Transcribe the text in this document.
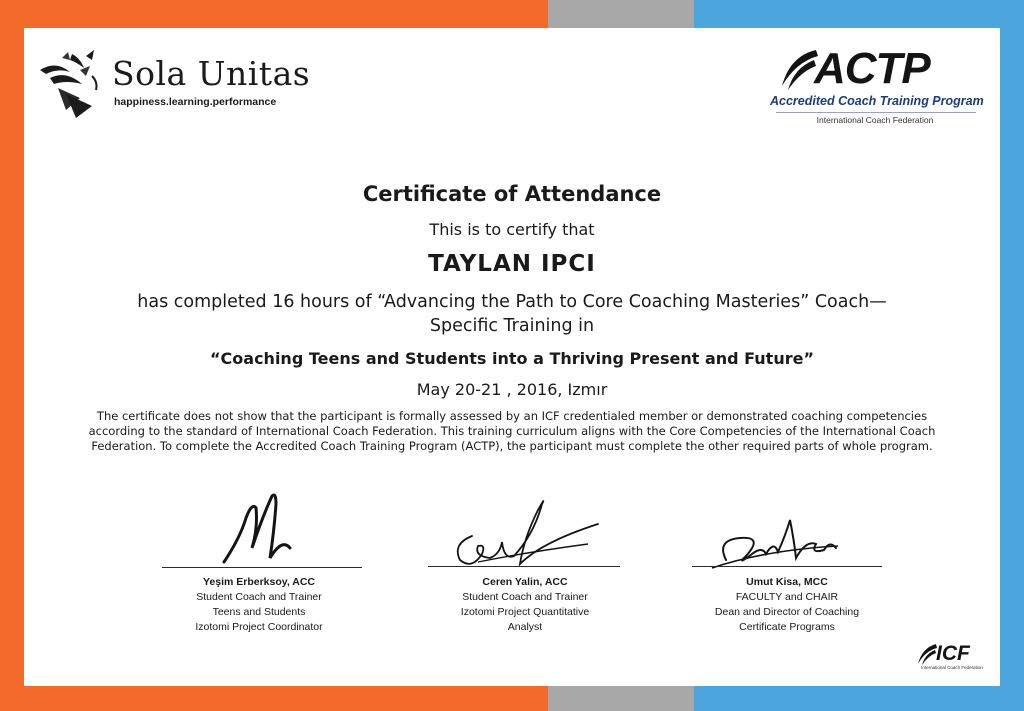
Sola Unitas
happiness.learning.performance
ACTP
Accredited Coach Training Program
International Coach Federation
Certificate of Attendance
This is to certify that
TAYLAN IPCI
has completed 16 hours of “Advancing the Path to Core Coaching Masteries” Coach—
Specific Training in
“Coaching Teens and Students into a Thriving Present and Future”
May 20-21 , 2016, Izmır
The certificate does not show that the participant is formally assessed by an ICF credentialed member or demonstrated coaching competencies according to the standard of International Coach Federation. This training curriculum aligns with the Core Competencies of the International Coach Federation. To complete the Accredited Coach Training Program (ACTP), the participant must complete the other required parts of whole program.
Yeşim Erberksoy, ACC
Student Coach and Trainer
Teens and Students
Izotomi Project Coordinator
Ceren Yalin, ACC
Student Coach and Trainer
Izotomi Project Quantitative
Analyst
Umut Kisa, MCC
FACULTY and CHAIR
Dean and Director of Coaching
Certificate Programs
ICF
International Coach Federation
